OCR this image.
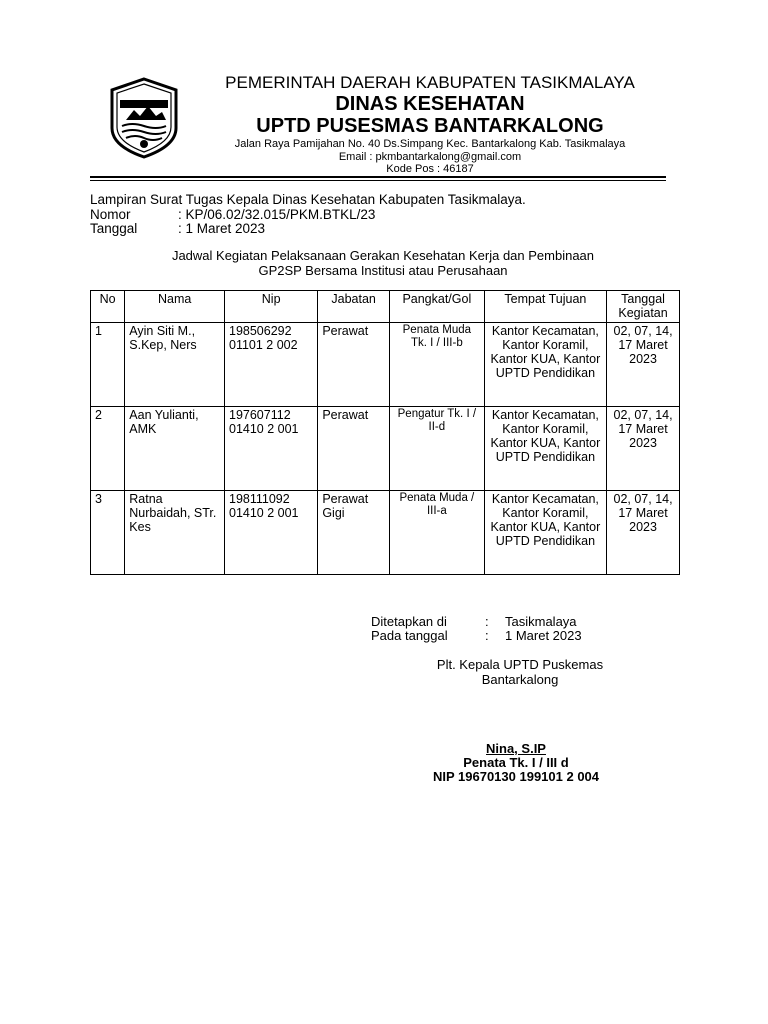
KAB. TASIKMALAYA
PEMERINTAH DAERAH KABUPATEN TASIKMALAYA
DINAS KESEHATAN
UPTD PUSESMAS BANTARKALONG
Jalan Raya Pamijahan No. 40 Ds.Simpang Kec. Bantarkalong Kab. Tasikmalaya
Email : pkmbantarkalong@gmail.com
Kode Pos : 46187
Lampiran Surat Tugas Kepala Dinas Kesehatan Kabupaten Tasikmalaya.
Nomor	: KP/06.02/32.015/PKM.BTKL/23
Tanggal	: 1 Maret 2023
Jadwal Kegiatan Pelaksanaan Gerakan Kesehatan Kerja dan Pembinaan
GP2SP Bersama Institusi atau Perusahaan
No	Nama	Nip	Jabatan	Pangkat/Gol	Tempat Tujuan	Tanggal Kegiatan
1	Ayin Siti M., S.Kep, Ners	198506292 01101 2 002	Perawat	Penata Muda Tk. I / III-b	Kantor Kecamatan, Kantor Koramil, Kantor KUA, Kantor UPTD Pendidikan	02, 07, 14, 17 Maret 2023
2	Aan Yulianti, AMK	197607112 01410 2 001	Perawat	Pengatur Tk. I / II-d	Kantor Kecamatan, Kantor Koramil, Kantor KUA, Kantor UPTD Pendidikan	02, 07, 14, 17 Maret 2023
3	Ratna Nurbaidah, STr. Kes	198111092 01410 2 001	Perawat Gigi	Penata Muda / III-a	Kantor Kecamatan, Kantor Koramil, Kantor KUA, Kantor UPTD Pendidikan	02, 07, 14, 17 Maret 2023
Ditetapkan di	: Tasikmalaya
Pada tanggal	: 1 Maret 2023
Plt. Kepala UPTD Puskemas
Bantarkalong
Nina, S.IP
Penata Tk. I / III d
NIP 19670130 199101 2 004
